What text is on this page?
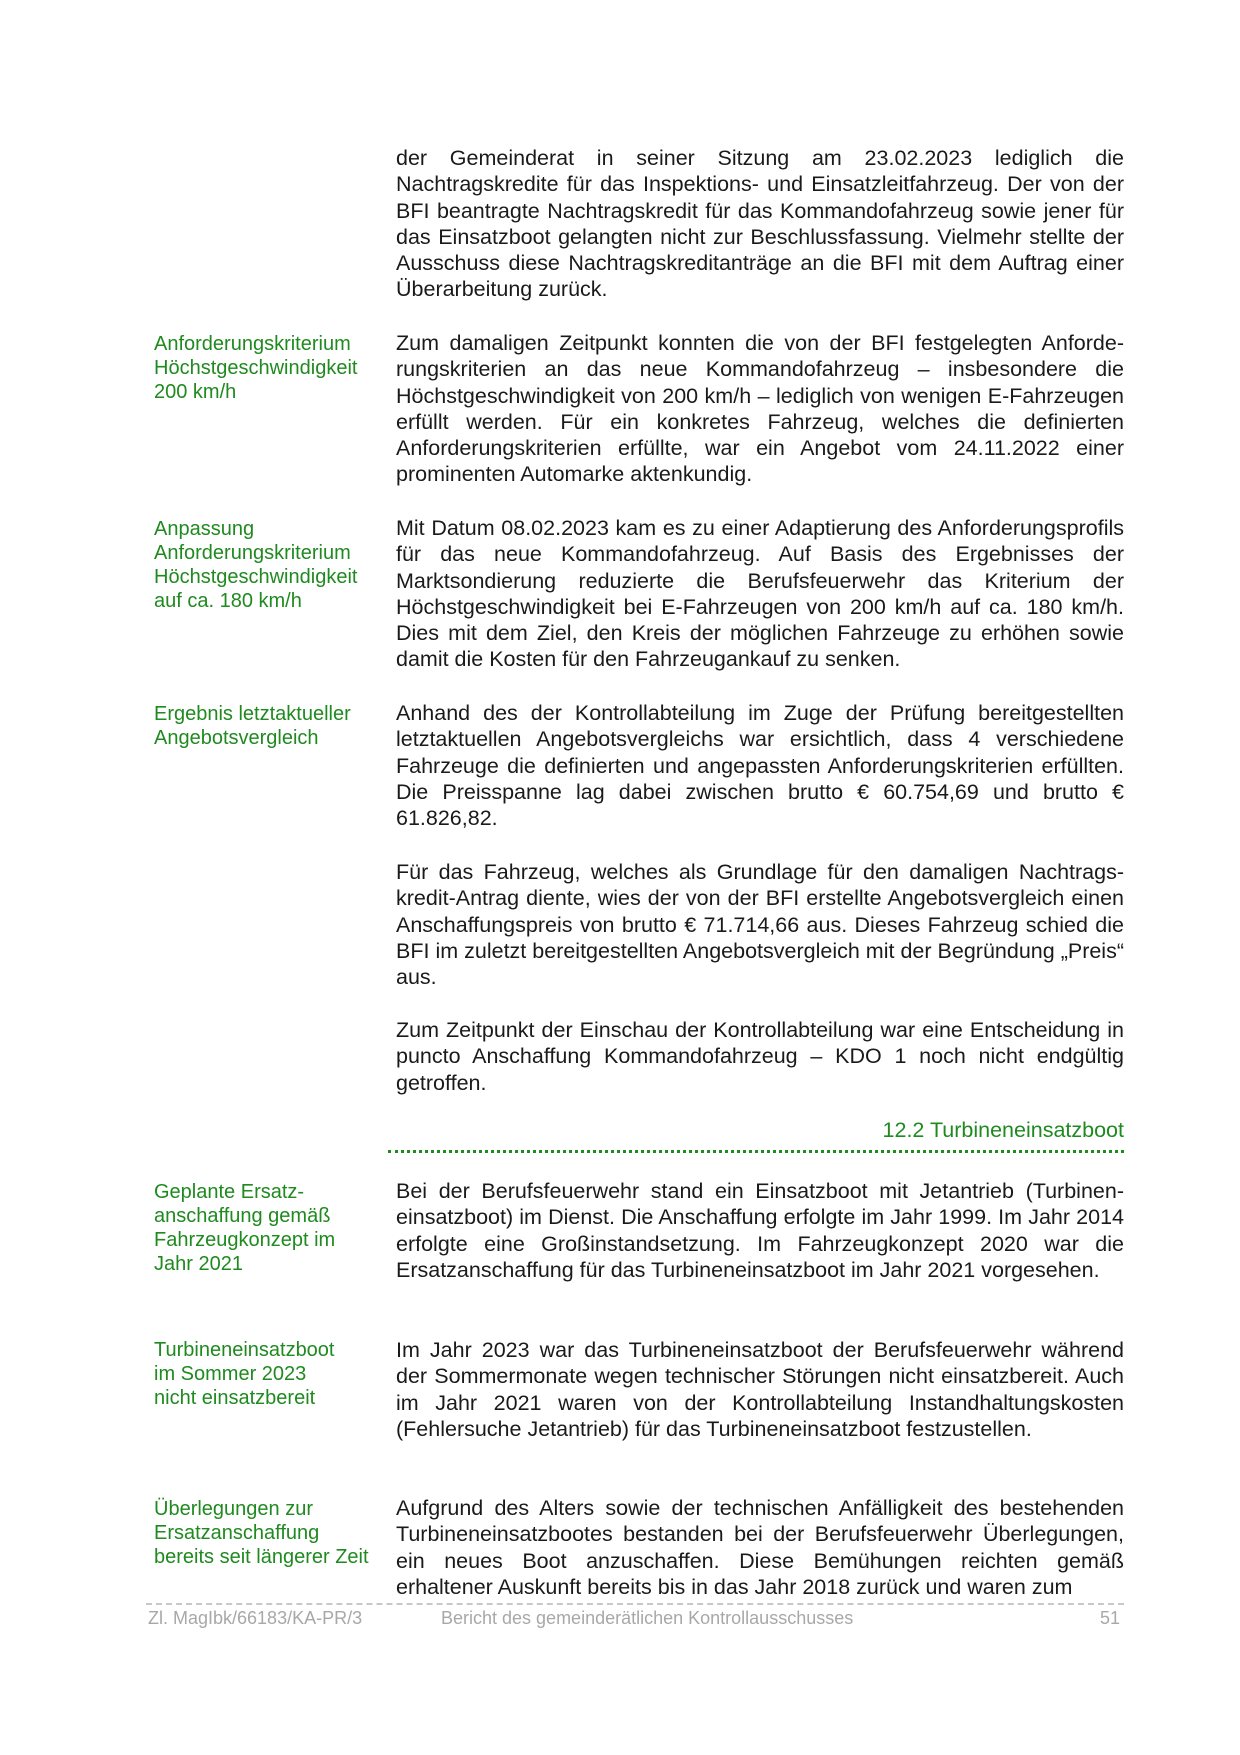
der Gemeinderat in seiner Sitzung am 23.02.2023 lediglich die Nachtragskredite für das Inspektions- und Einsatzleitfahrzeug. Der von der BFI beantragte Nachtragskredit für das Kommandofahrzeug sowie jener für das Einsatzboot gelangten nicht zur Beschlussfassung. Vielmehr stellte der Ausschuss diese Nachtragskreditanträge an die BFI mit dem Auftrag einer Überarbeitung zurück.
Anforderungskriterium
Höchstgeschwindigkeit
200 km/h
Zum damaligen Zeitpunkt konnten die von der BFI festgelegten Anforderungskriterien an das neue Kommandofahrzeug – insbesondere die Höchstgeschwindigkeit von 200 km/h – lediglich von wenigen E-Fahrzeugen erfüllt werden. Für ein konkretes Fahrzeug, welches die definierten Anforderungskriterien erfüllte, war ein Angebot vom 24.11.2022 einer prominenten Automarke aktenkundig.
Anpassung
Anforderungskriterium
Höchstgeschwindigkeit
auf ca. 180 km/h
Mit Datum 08.02.2023 kam es zu einer Adaptierung des Anforderungsprofils für das neue Kommandofahrzeug. Auf Basis des Ergebnisses der Marktsondierung reduzierte die Berufsfeuerwehr das Kriterium der Höchstgeschwindigkeit bei E-Fahrzeugen von 200 km/h auf ca. 180 km/h. Dies mit dem Ziel, den Kreis der möglichen Fahrzeuge zu erhöhen sowie damit die Kosten für den Fahrzeugankauf zu senken.
Ergebnis letztaktueller
Angebotsvergleich
Anhand des der Kontrollabteilung im Zuge der Prüfung bereitgestellten letztaktuellen Angebotsvergleichs war ersichtlich, dass 4 verschiedene Fahrzeuge die definierten und angepassten Anforderungskriterien erfüllten. Die Preisspanne lag dabei zwischen brutto € 60.754,69 und brutto € 61.826,82.
Für das Fahrzeug, welches als Grundlage für den damaligen Nachtragskredit-Antrag diente, wies der von der BFI erstellte Angebotsvergleich einen Anschaffungspreis von brutto € 71.714,66 aus. Dieses Fahrzeug schied die BFI im zuletzt bereitgestellten Angebotsvergleich mit der Begründung „Preis“ aus.
Zum Zeitpunkt der Einschau der Kontrollabteilung war eine Entscheidung in puncto Anschaffung Kommandofahrzeug – KDO 1 noch nicht endgültig getroffen.
12.2 Turbineneinsatzboot
Geplante Ersatz-
anschaffung gemäß
Fahrzeugkonzept im
Jahr 2021
Bei der Berufsfeuerwehr stand ein Einsatzboot mit Jetantrieb (Turbineneinsatzboot) im Dienst. Die Anschaffung erfolgte im Jahr 1999. Im Jahr 2014 erfolgte eine Großinstandsetzung. Im Fahrzeugkonzept 2020 war die Ersatzanschaffung für das Turbineneinsatzboot im Jahr 2021 vorgesehen.
Turbineneinsatzboot
im Sommer 2023
nicht einsatzbereit
Im Jahr 2023 war das Turbineneinsatzboot der Berufsfeuerwehr während der Sommermonate wegen technischer Störungen nicht einsatzbereit. Auch im Jahr 2021 waren von der Kontrollabteilung Instandhaltungskosten (Fehlersuche Jetantrieb) für das Turbineneinsatzboot festzustellen.
Überlegungen zur
Ersatzanschaffung
bereits seit längerer Zeit
Aufgrund des Alters sowie der technischen Anfälligkeit des bestehenden Turbineneinsatzbootes bestanden bei der Berufsfeuerwehr Überlegungen, ein neues Boot anzuschaffen. Diese Bemühungen reichten gemäß erhaltener Auskunft bereits bis in das Jahr 2018 zurück und waren zum
Zl. MagIbk/66183/KA-PR/3	Bericht des gemeinderätlichen Kontrollausschusses	51
